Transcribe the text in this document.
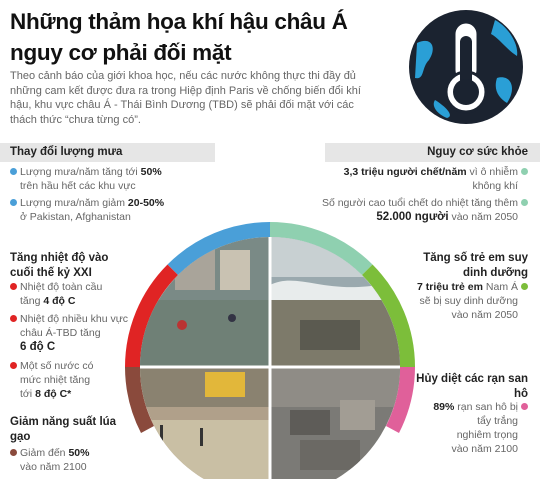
Những thảm họa khí hậu châu Á nguy cơ phải đối mặt
Theo cảnh báo của giới khoa học, nếu các nước không thực thi đầy đủ những cam kết được đưa ra trong Hiệp định Paris về chống biến đổi khí hậu, khu vực châu Á - Thái Bình Dương (TBD) sẽ phải đối mặt với các thách thức “chưa từng có”.
Thay đổi lượng mưa
Lượng mưa/năm tăng tới 50%
trên hầu hết các khu vực
Lượng mưa/năm giảm 20-50%
ở Pakistan, Afghanistan
Tăng nhiệt độ vào cuối thế kỷ XXI
Nhiệt độ toàn cầu
tăng 4 độ C
Nhiệt độ nhiều khu vực
châu Á-TBD tăng
6 độ C
Một số nước có
mức nhiệt tăng
tới 8 độ C*
Giảm năng suất lúa gạo
Giảm đến 50%
vào năm 2100
Nguy cơ sức khỏe
3,3 triệu người chết/năm vì ô nhiễm
không khí
Số người cao tuổi chết do nhiệt tăng thêm
52.000 người vào năm 2050
Tăng số trẻ em suy dinh dưỡng
7 triệu trẻ em Nam Á
sẽ bị suy dinh dưỡng
vào năm 2050
Hủy diệt các rạn san hô
89% rạn san hô bị
tẩy trắng
nghiêm trọng
vào năm 2100
